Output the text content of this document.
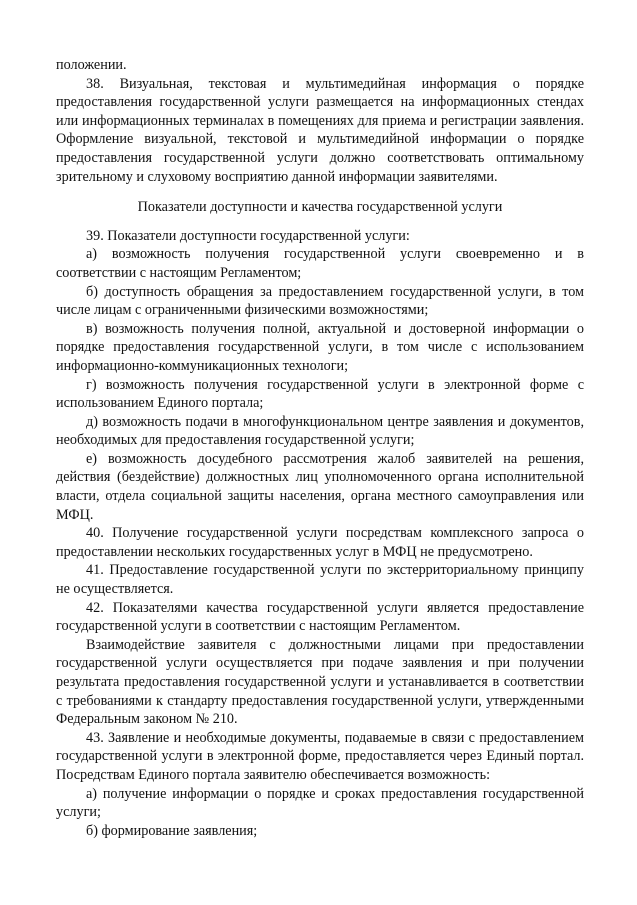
положении.

38. Визуальная, текстовая и мультимедийная информация о порядке предоставления государственной услуги размещается на информационных стендах или информационных терминалах в помещениях для приема и регистрации заявления. Оформление визуальной, текстовой и мультимедийной информации о порядке предоставления государственной услуги должно соответствовать оптимальному зрительному и слуховому восприятию данной информации заявителями.

Показатели доступности и качества государственной услуги

39. Показатели доступности государственной услуги:

а) возможность получения государственной услуги своевременно и в соответствии с настоящим Регламентом;

б) доступность обращения за предоставлением государственной услуги, в том числе лицам с ограниченными физическими возможностями;

в) возможность получения полной, актуальной и достоверной информации о порядке предоставления государственной услуги, в том числе с использованием информационно-коммуникационных технологи;

г) возможность получения государственной услуги в электронной форме с использованием Единого портала;

д) возможность подачи в многофункциональном центре заявления и документов, необходимых для предоставления государственной услуги;

е) возможность досудебного рассмотрения жалоб заявителей на решения, действия (бездействие) должностных лиц уполномоченного органа исполнительной власти, отдела социальной защиты населения, органа местного самоуправления или МФЦ.

40. Получение государственной услуги посредствам комплексного запроса о предоставлении нескольких государственных услуг в МФЦ не предусмотрено.

41. Предоставление государственной услуги по экстерриториальному принципу не осуществляется.

42. Показателями качества государственной услуги является предоставление государственной услуги в соответствии с настоящим Регламентом.

Взаимодействие заявителя с должностными лицами при предоставлении государственной услуги осуществляется при подаче заявления и при получении результата предоставления государственной услуги и устанавливается в соответствии с требованиями к стандарту предоставления государственной услуги, утвержденными Федеральным законом № 210.

43. Заявление и необходимые документы, подаваемые в связи с предоставлением государственной услуги в электронной форме, предоставляется через Единый портал. Посредствам Единого портала заявителю обеспечивается возможность:

а) получение информации о порядке и сроках предоставления государственной услуги;

б) формирование заявления;
